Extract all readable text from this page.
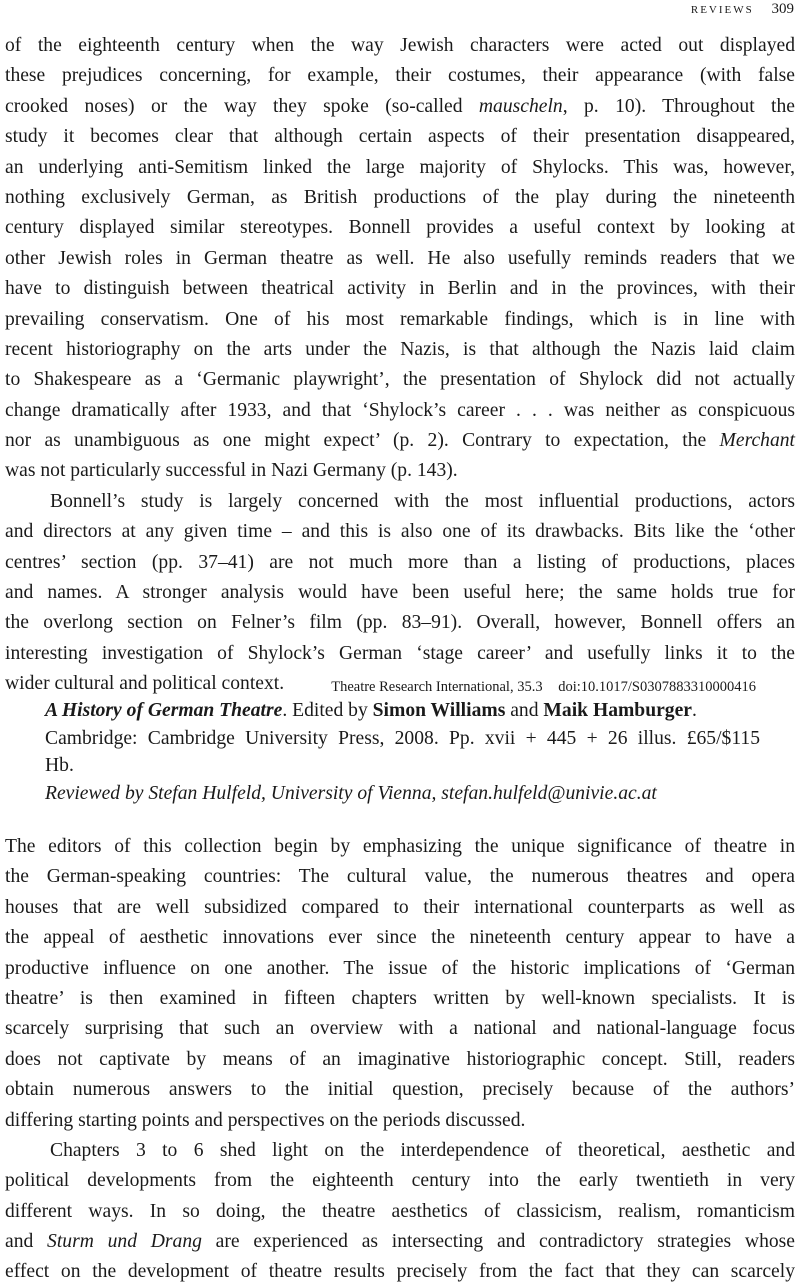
reviews 309
of the eighteenth century when the way Jewish characters were acted out displayed
these prejudices concerning, for example, their costumes, their appearance (with false
crooked noses) or the way they spoke (so-called mauscheln, p. 10). Throughout the
study it becomes clear that although certain aspects of their presentation disappeared,
an underlying anti-Semitism linked the large majority of Shylocks. This was, however,
nothing exclusively German, as British productions of the play during the nineteenth
century displayed similar stereotypes. Bonnell provides a useful context by looking at
other Jewish roles in German theatre as well. He also usefully reminds readers that we
have to distinguish between theatrical activity in Berlin and in the provinces, with their
prevailing conservatism. One of his most remarkable findings, which is in line with
recent historiography on the arts under the Nazis, is that although the Nazis laid claim
to Shakespeare as a ‘Germanic playwright’, the presentation of Shylock did not actually
change dramatically after 1933, and that ‘Shylock’s career . . . was neither as conspicuous
nor as unambiguous as one might expect’ (p. 2). Contrary to expectation, the Merchant
was not particularly successful in Nazi Germany (p. 143).
Bonnell’s study is largely concerned with the most influential productions, actors
and directors at any given time – and this is also one of its drawbacks. Bits like the ‘other
centres’ section (pp. 37–41) are not much more than a listing of productions, places
and names. A stronger analysis would have been useful here; the same holds true for
the overlong section on Felner’s film (pp. 83–91). Overall, however, Bonnell offers an
interesting investigation of Shylock’s German ‘stage career’ and usefully links it to the
wider cultural and political context.	Theatre Research International, 35.3 doi:10.1017/S0307883310000416
A History of German Theatre. Edited by Simon Williams and Maik Hamburger.
Cambridge: Cambridge University Press, 2008. Pp. xvii + 445 + 26 illus. £65/$115
Hb.
Reviewed by Stefan Hulfeld, University of Vienna, stefan.hulfeld@univie.ac.at
The editors of this collection begin by emphasizing the unique significance of theatre in
the German-speaking countries: The cultural value, the numerous theatres and opera
houses that are well subsidized compared to their international counterparts as well as
the appeal of aesthetic innovations ever since the nineteenth century appear to have a
productive influence on one another. The issue of the historic implications of ‘German
theatre’ is then examined in fifteen chapters written by well-known specialists. It is
scarcely surprising that such an overview with a national and national-language focus
does not captivate by means of an imaginative historiographic concept. Still, readers
obtain numerous answers to the initial question, precisely because of the authors’
differing starting points and perspectives on the periods discussed.
Chapters 3 to 6 shed light on the interdependence of theoretical, aesthetic and
political developments from the eighteenth century into the early twentieth in very
different ways. In so doing, the theatre aesthetics of classicism, realism, romanticism
and Sturm und Drang are experienced as intersecting and contradictory strategies whose
effect on the development of theatre results precisely from the fact that they can scarcely
